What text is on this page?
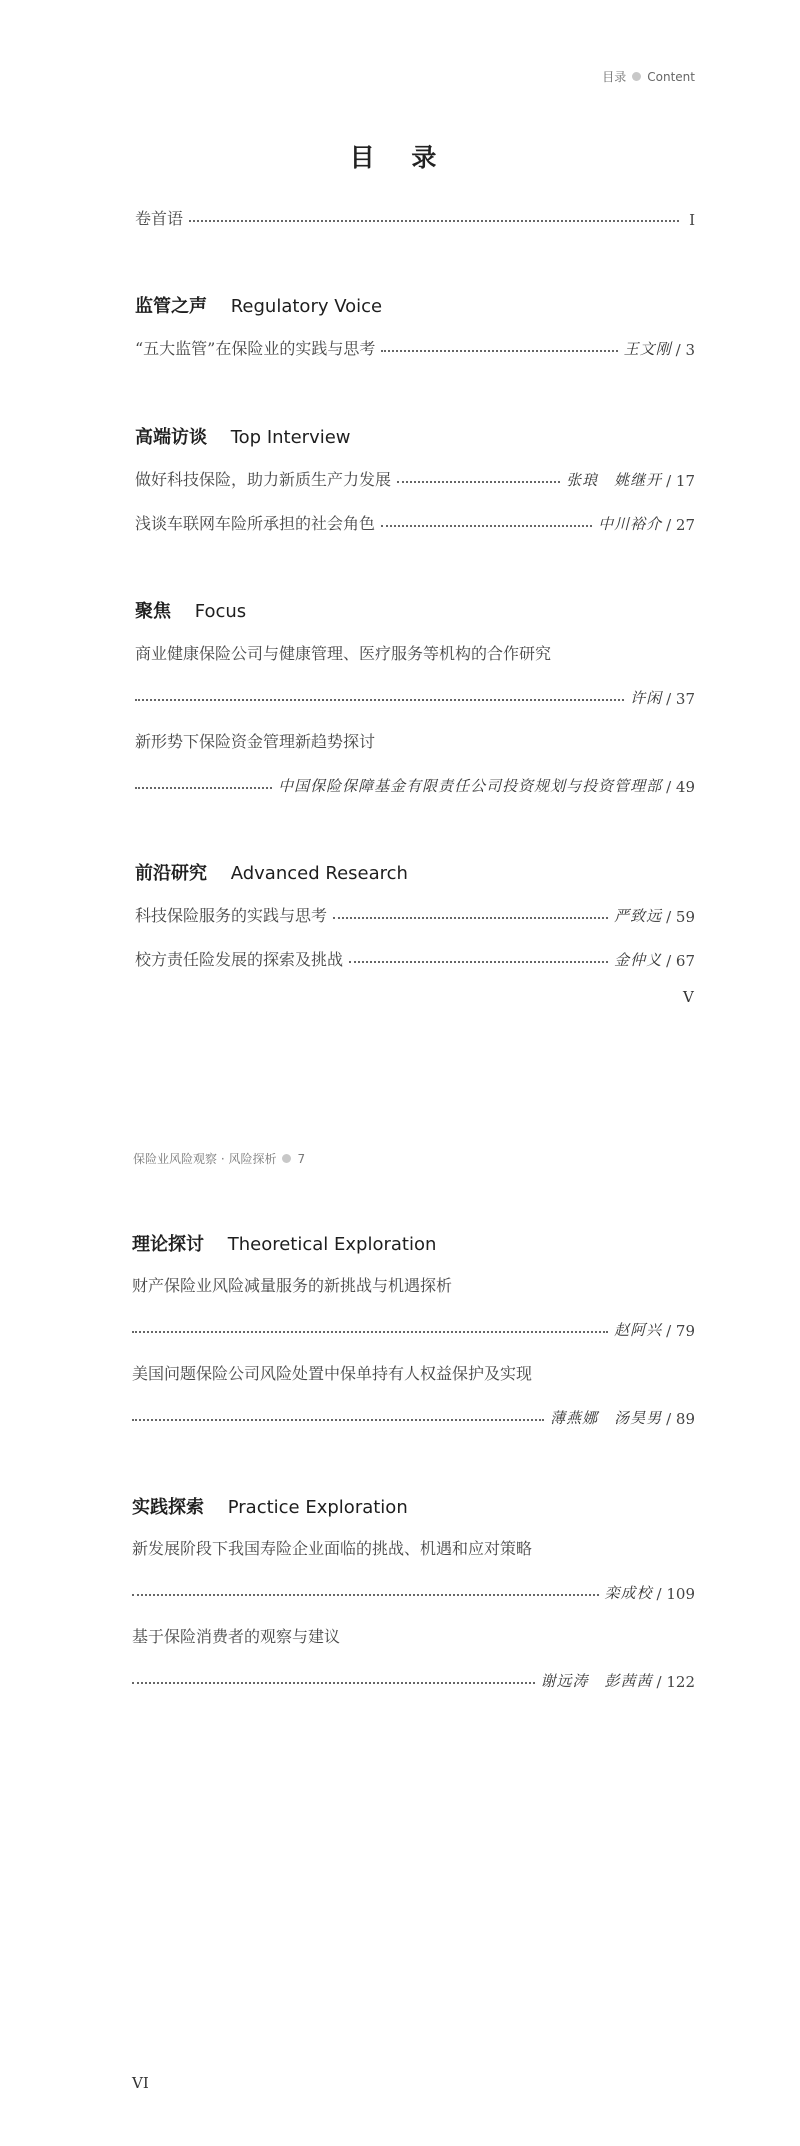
目录 Content
目 录
卷首语	I
监管之声 Regulatory Voice
“五大监管”在保险业的实践与思考	王文刚 / 3
高端访谈 Top Interview
做好科技保险，助力新质生产力发展	张琅　姚继开 / 17
浅谈车联网车险所承担的社会角色	中川裕介 / 27
聚焦 Focus
商业健康保险公司与健康管理、医疗服务等机构的合作研究
许闲 / 37
新形势下保险资金管理新趋势探讨
中国保险保障基金有限责任公司投资规划与投资管理部 / 49
前沿研究 Advanced Research
科技保险服务的实践与思考	严致远 / 59
校方责任险发展的探索及挑战	金仲义 / 67
V
保险业风险观察 · 风险探析 7
理论探讨 Theoretical Exploration
财产保险业风险减量服务的新挑战与机遇探析
赵阿兴 / 79
美国问题保险公司风险处置中保单持有人权益保护及实现
薄燕娜　汤昊男 / 89
实践探索 Practice Exploration
新发展阶段下我国寿险企业面临的挑战、机遇和应对策略
栾成校 / 109
基于保险消费者的观察与建议
谢远涛　彭茜茜 / 122
VI
